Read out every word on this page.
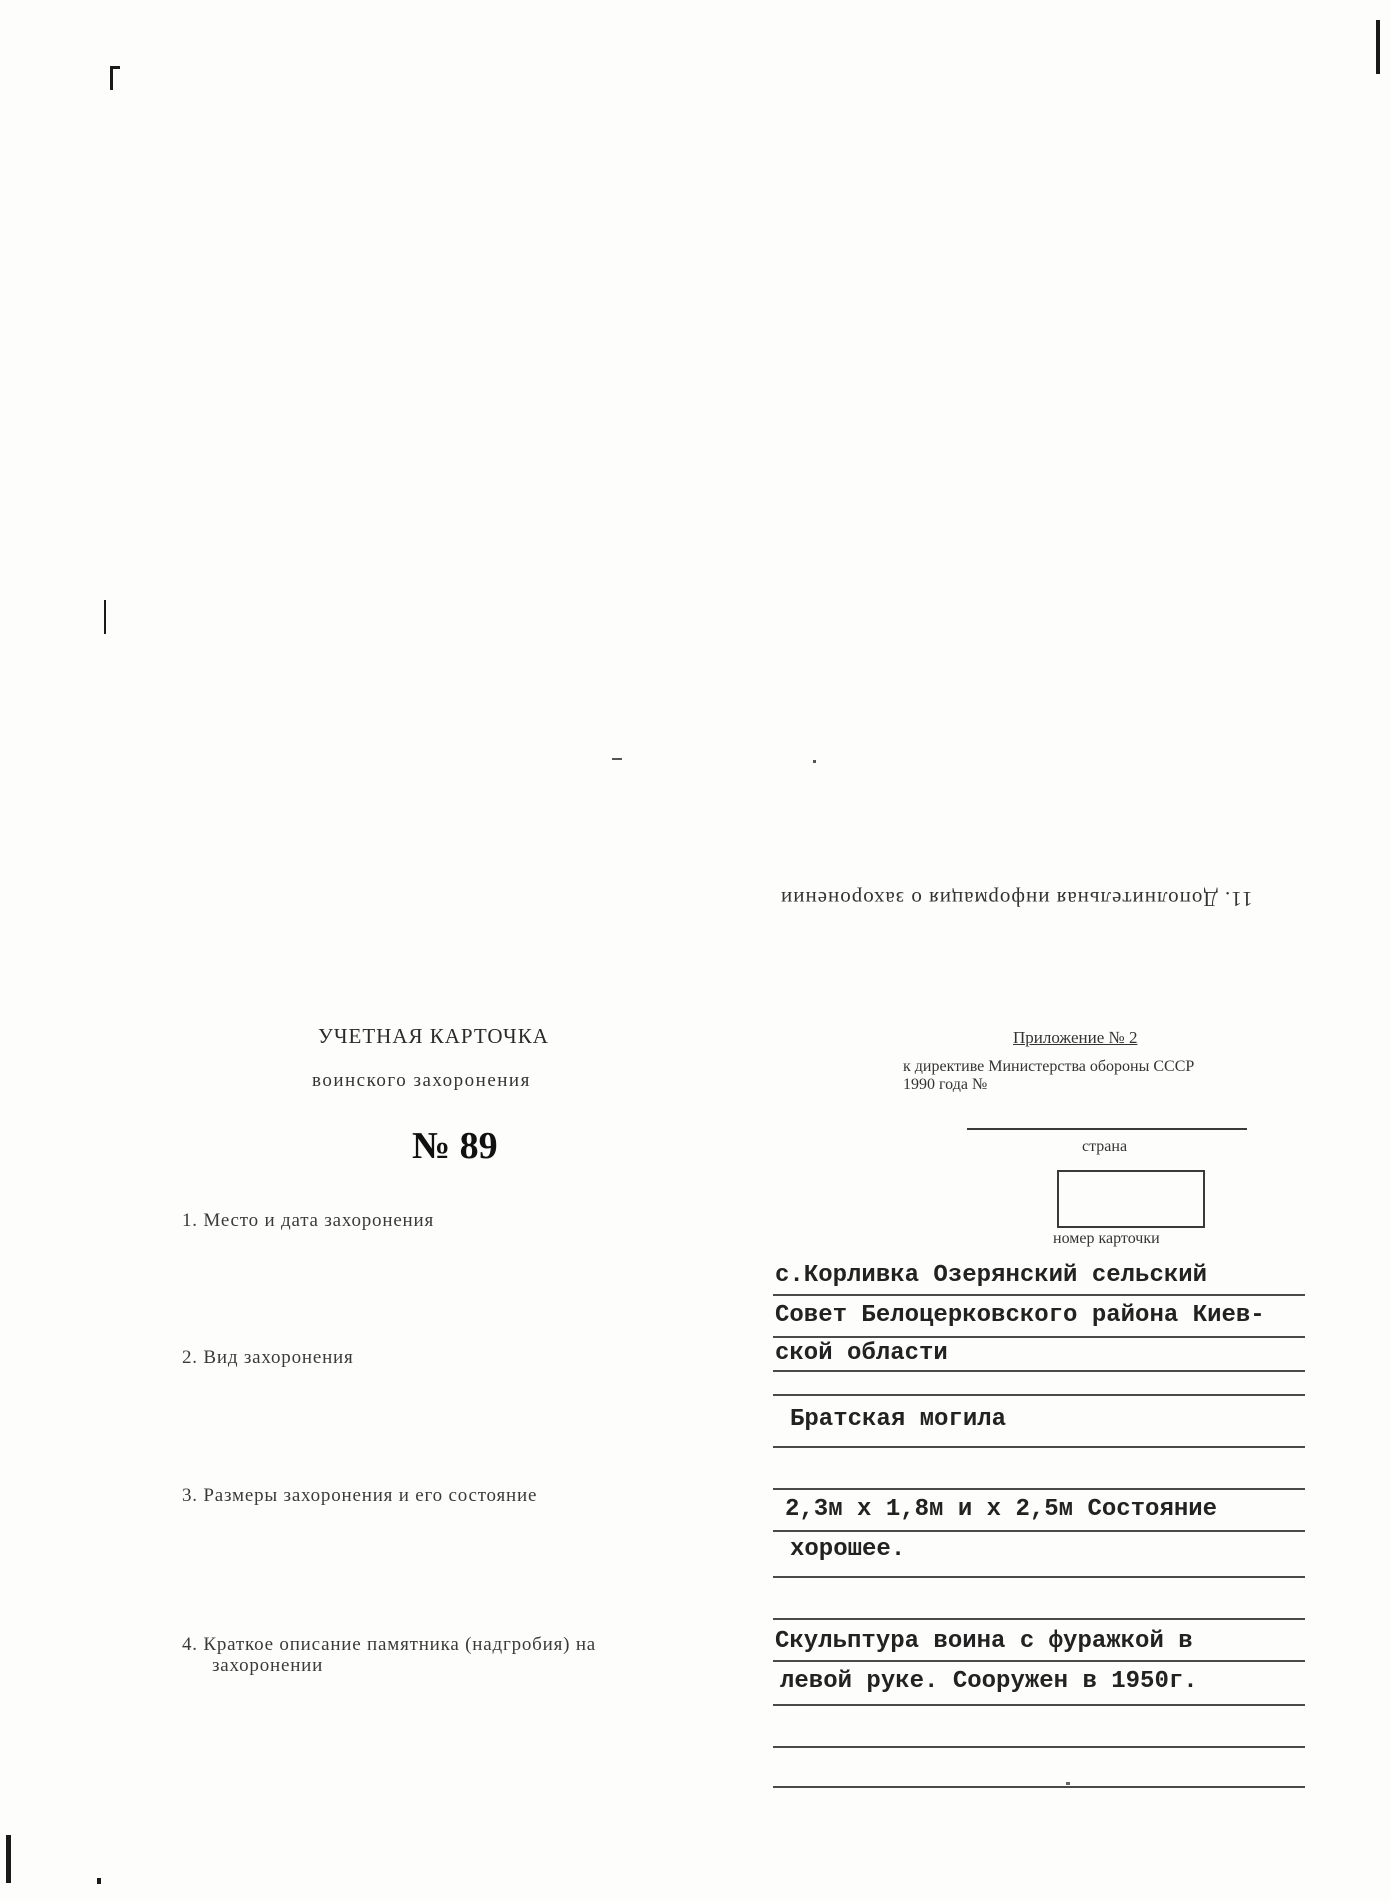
11. Дополнительная информация о захоронении
УЧЕТНАЯ КАРТОЧКА
воинского захоронения
№ 89
Приложение № 2
к директиве Министерства обороны СССР
1990 года №
страна
номер карточки
1. Место и дата захоронения
2. Вид захоронения
3. Размеры захоронения и его состояние
4. Краткое описание памятника (надгробия) на
захоронении
с.Корливка Озерянский сельский
Совет Белоцерковского района Киев-
ской области
Братская могила
2,3м х 1,8м и х 2,5м Состояние
хорошее.
Скульптура воина с фуражкой в
левой руке. Сооружен в 1950г.
